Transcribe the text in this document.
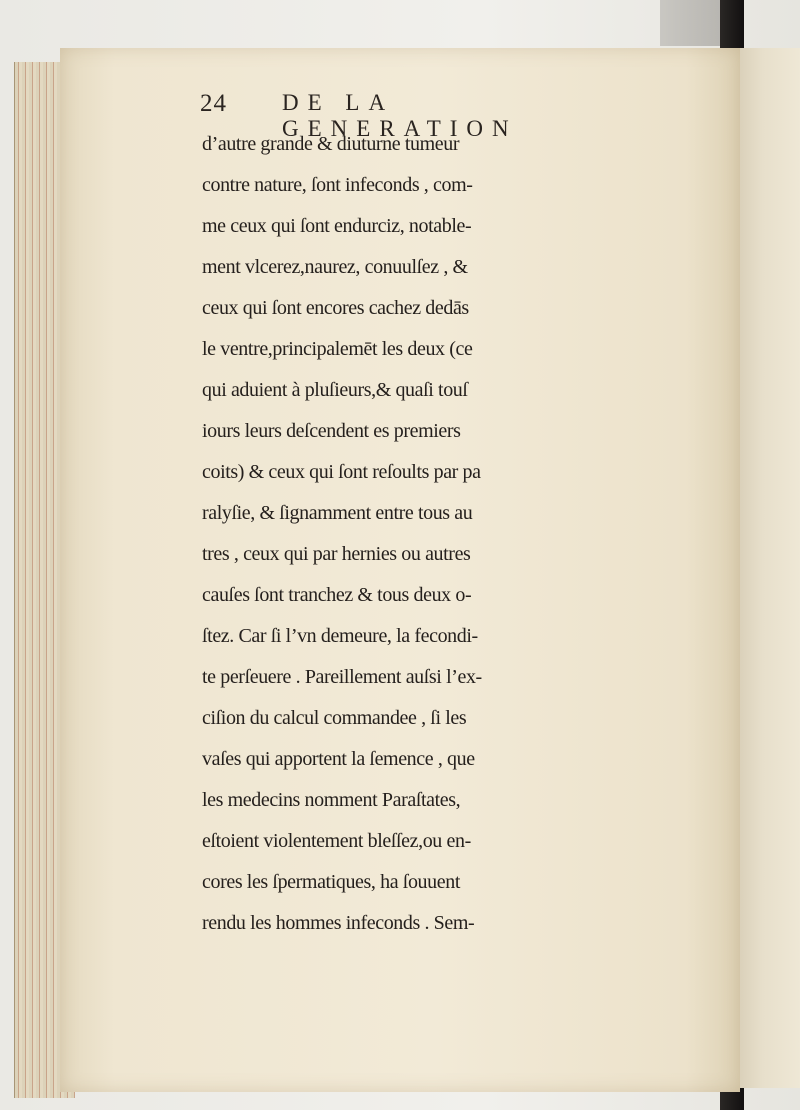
24 DE LA GENERATION
d’autre grande & diuturne tumeur
contre nature, ſont infeconds , com-
me ceux qui ſont endurciz, notable-
ment vlcerez,naurez, conuulſez , &
ceux qui ſont encores cachez dedās
le ventre,principalemēt les deux (ce
qui aduient à pluſieurs,& quaſi touſ
iours leurs deſcendent es premiers
coits) & ceux qui ſont reſoults par pa
ralyſie, & ſignamment entre tous au
tres , ceux qui par hernies ou autres
cauſes ſont tranchez & tous deux o-
ſtez. Car ſi l’vn demeure, la fecondi-
te perſeuere . Pareillement auſsi l’ex-
ciſion du calcul commandee , ſi les
vaſes qui apportent la ſemence , que
les medecins nomment Paraſtates,
eſtoient violentement bleſſez,ou en-
cores les ſpermatiques, ha ſouuent
rendu les hommes infeconds . Sem-
